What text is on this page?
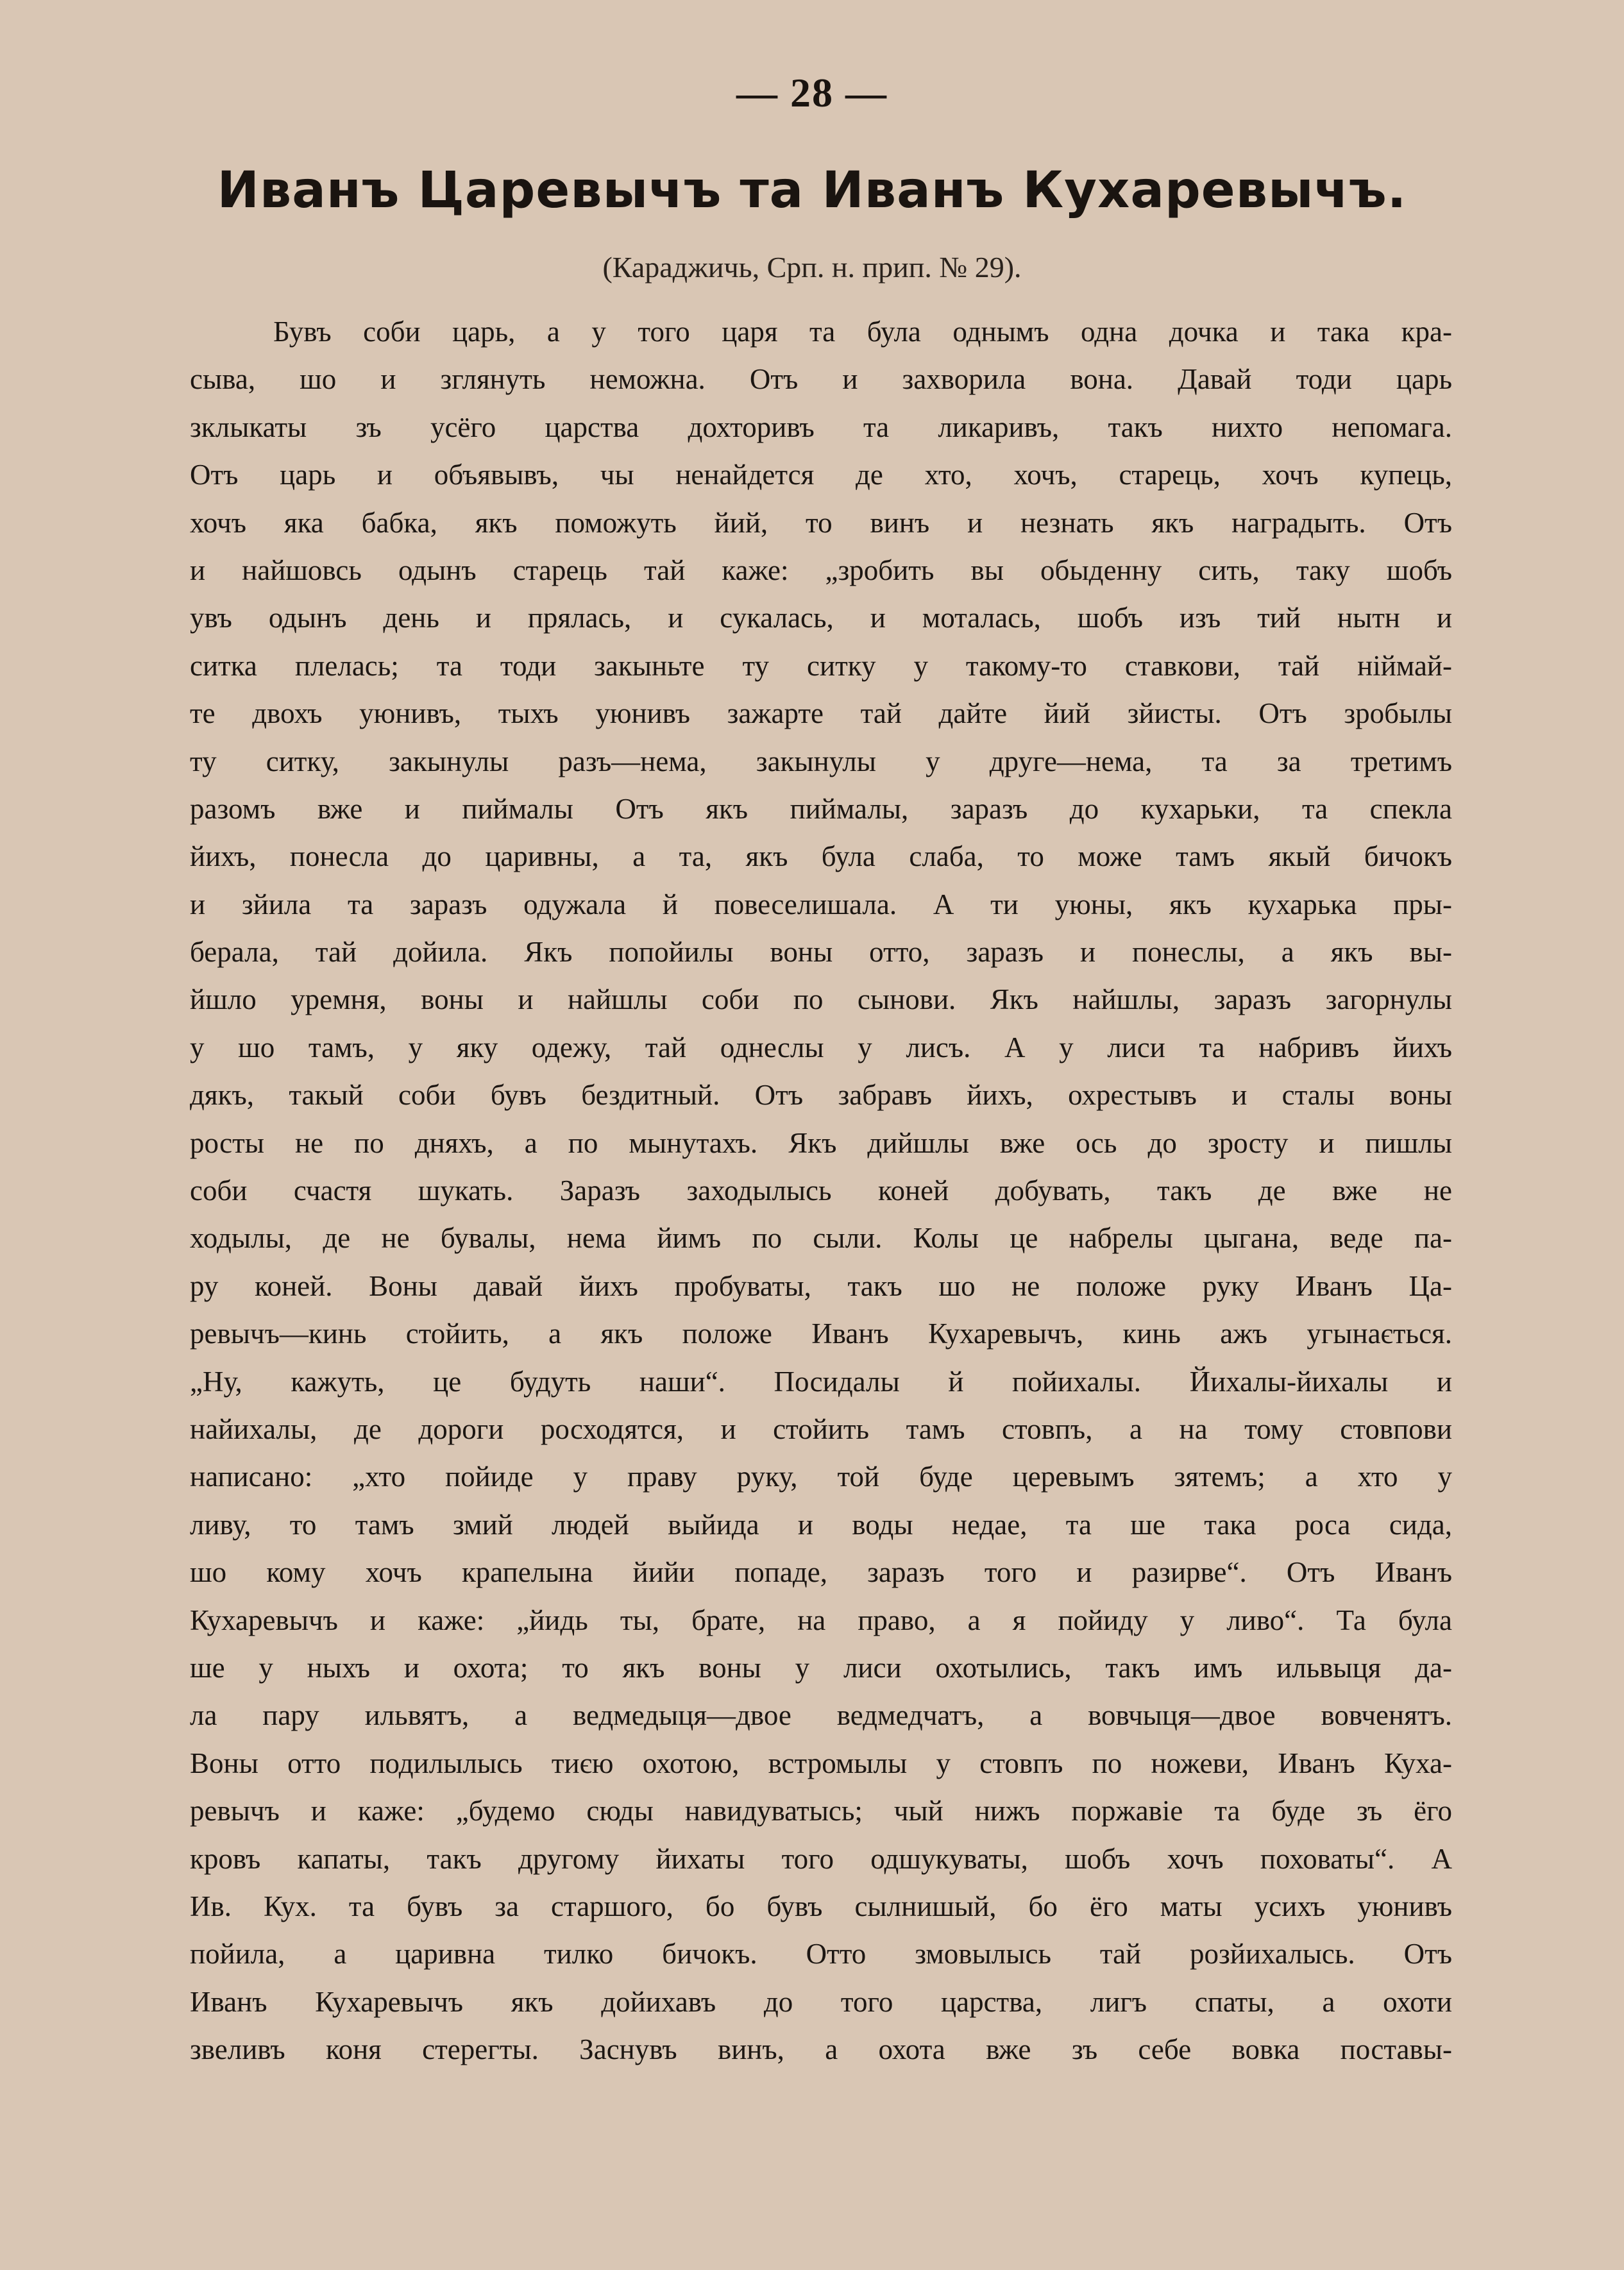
— 28 —
Иванъ Царевычъ та Иванъ Кухаревычъ.
(Караджичь, Срп. н. прип. № 29).
Бувъ соби царь, а у того царя та була однымъ одна дочка и така кра-
сыва, шо и зглянуть неможна. Отъ и захворила вона. Давай тоди царь
зклыкаты зъ усёго царства дохторивъ та ликаривъ, такъ нихто непомага.
Отъ царь и объявывъ, чы ненайдется де хто, хочъ, старець, хочъ купець,
хочъ яка бабка, якъ поможуть йий, то винъ и незнать якъ нагрaдыть. Отъ
и найшовсь одынъ старець тай каже: „зробить вы обыденну сить, таку шобъ
увъ одынъ день и прялась, и сукалась, и моталась, шобъ изъ тий нытн и
ситка плелась; та тоди закыньте ту ситку у такому-то ставкови, тай ніймай-
те двохъ уюнивъ, тыхъ уюнивъ зажарте тай дайте йий зйисты. Отъ зробылы
ту ситку, закынулы разъ—нема, закынулы у друге—нема, та за третимъ
разомъ вже и пиймалы Отъ якъ пиймалы, заразъ до кухарьки, та спекла
йихъ, понесла до царивны, а та, якъ була слаба, то може тамъ якый бичокъ
и зйила та заразъ одужала й повеселишала. А ти уюны, якъ кухарька пры-
берала, тай дойила. Якъ попойилы воны отто, заразъ и понеслы, а якъ вы-
йшло уремня, воны и найшлы соби по сынови. Якъ найшлы, заразъ загорнулы
у шо тамъ, у яку одежу, тай однеслы у лисъ. А у лиси та набривъ йихъ
дякъ, такый соби бувъ бездитный. Отъ забравъ йихъ, охрестывъ и сталы воны
росты не по дняхъ, а по мынутахъ. Якъ дийшлы вже ось до зросту и пишлы
соби счастя шукать. Заразъ заходылысь коней добувать, такъ де вже не
ходылы, де не бувалы, нема йимъ по сыли. Колы це набрелы цыгана, веде па-
ру коней. Воны давай йихъ пробуваты, такъ шо не положе руку Иванъ Ца-
ревычъ—кинь стойить, а якъ положе Иванъ Кухаревычъ, кинь ажъ угынається.
„Ну, кажуть, це будуть наши“. Посидалы й пойихалы. Йихалы-йихалы и
найихалы, де дороги росходятся, и стойить тамъ стовпъ, а на тому стовпови
написано: „хто пойиде у праву руку, той буде церевымъ зятемъ; а хто у
ливу, то тамъ змий людей выйида и воды недае, та ше така роса сида,
шо кому хочъ крапелына йийи попаде, заразъ того и разирве“. Отъ Иванъ
Кухаревычъ и каже: „йидь ты, брате, на право, а я пойиду у ливо“. Та була
ше у ныхъ и охота; то якъ воны у лиси охотылись, такъ имъ ильвыця да-
ла пару ильвятъ, а ведмедыця—двое ведмедчатъ, а вовчыця—двое вовченятъ.
Воны отто подилылысь тиєю охотою, встромылы у стовпъ по ножеви, Иванъ Куха-
ревычъ и каже: „будемо сюды навидуватысь; чый нижъ поржавіе та буде зъ ёго
кровъ капаты, такъ другому йихаты того одшукуваты, шобъ хочъ поховаты“. А
Ив. Кух. та бувъ за старшого, бо бувъ сылнишый, бо ёго маты усихъ уюнивъ
пойила, а царивна тилко бичокъ. Отто змовылысь тай розйихалысь. Отъ
Иванъ Кухаревычъ якъ дойихавъ до того царства, лигъ спаты, а охоти
звеливъ коня стерегты. Заснувъ винъ, а охота вже зъ себе вовка поставы-
